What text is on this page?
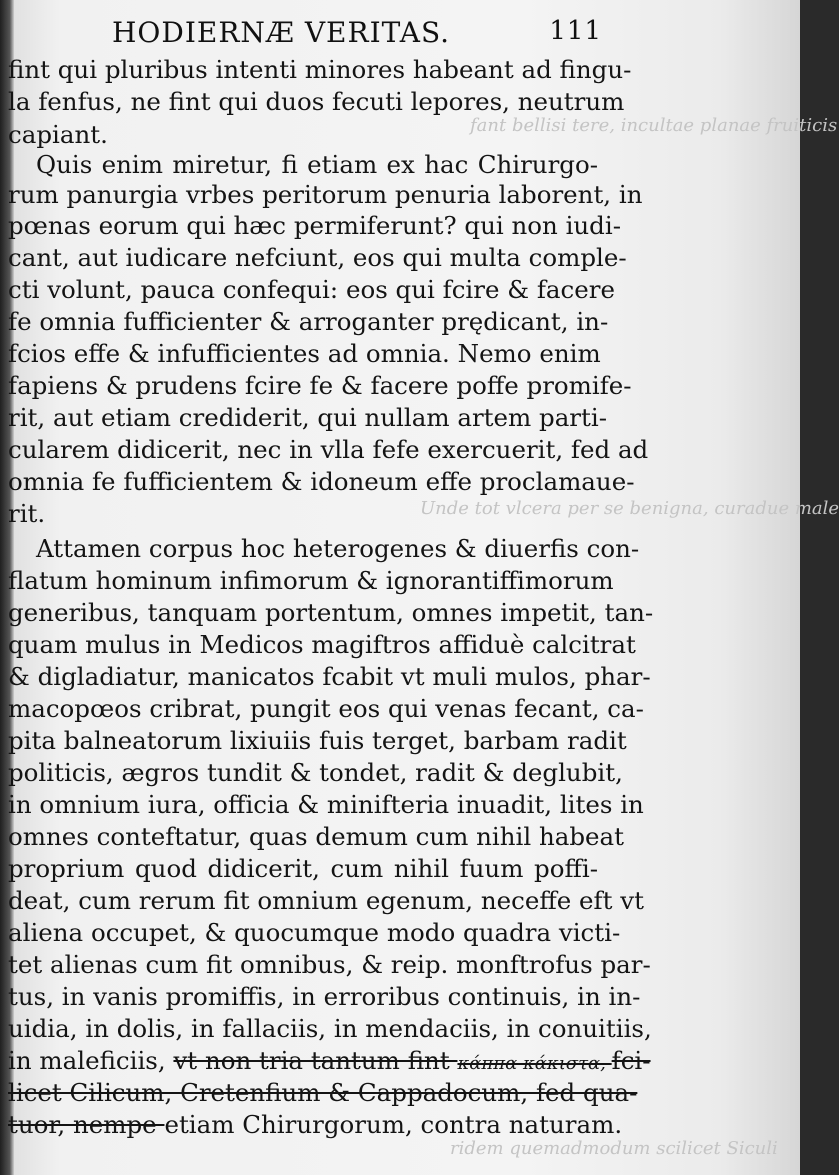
fant bellisi tere, incultae planae fruiticis
Unde tot vlcera per se benigna, curadue male
ridem quemadmodum scilicet Siculi
HODIERNÆ VERITAS.	111
fint qui pluribus intenti minores habeant ad fingu-
la fenfus, ne fint qui duos fecuti lepores, neutrum
capiant.
Quis enim miretur, fi etiam ex hac Chirurgo-
rum panurgia vrbes peritorum penuria laborent, in
pœnas eorum qui hæc permiferunt? qui non iudi-
cant, aut iudicare nefciunt, eos qui multa comple-
cti volunt, pauca confequi: eos qui fcire & facere
fe omnia fufficienter & arroganter prędicant, in-
fcios effe & infufficientes ad omnia. Nemo enim
fapiens & prudens fcire fe & facere poffe promife-
rit, aut etiam crediderit, qui nullam artem parti-
cularem didicerit, nec in vlla fefe exercuerit, fed ad
omnia fe fufficientem & idoneum effe proclamaue-
rit.
Attamen corpus hoc heterogenes & diuerfis con-
flatum hominum infimorum & ignorantiffimorum
generibus, tanquam portentum, omnes impetit, tan-
quam mulus in Medicos magiftros affiduè calcitrat
& digladiatur, manicatos fcabit vt muli mulos, phar-
macopœos cribrat, pungit eos qui venas fecant, ca-
pita balneatorum lixiuiis fuis terget, barbam radit
politicis, ægros tundit & tondet, radit & deglubit,
in omnium iura, officia & minifteria inuadit, lites in
omnes conteftatur, quas demum cum nihil habeat
proprium quod didicerit, cum nihil fuum poffi-
deat, cum rerum fit omnium egenum, neceffe eft vt
aliena occupet, & quocumque modo quadra victi-
tet alienas cum fit omnibus, & reip. monftrofus par-
tus, in vanis promiffis, in erroribus continuis, in in-
uidia, in dolis, in fallaciis, in mendaciis, in conuitiis,
in maleficiis, vt non tria tantum fint κάππα κάκιστα, fci-
licet Cilicum, Cretenfium & Cappadocum, fed qua-
tuor, nempe etiam Chirurgorum, contra naturam.
